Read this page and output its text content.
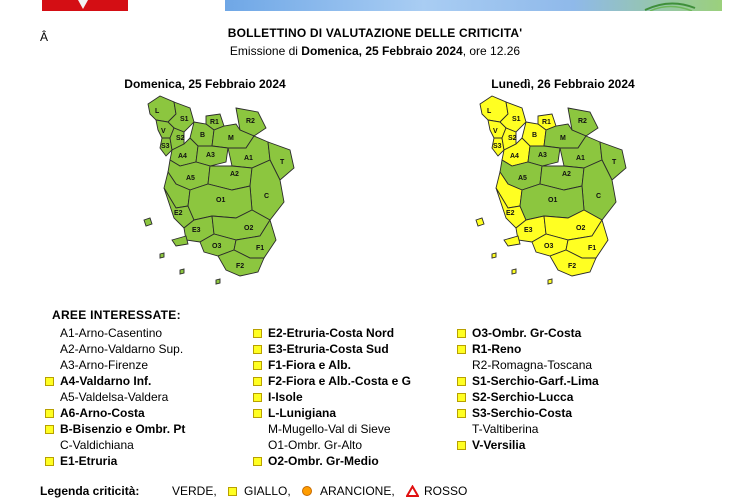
Â	BOLLETTINO DI VALUTAZIONE DELLE CRITICITA'
Emissione di Domenica, 25 Febbraio 2024, ore 12.26
Domenica, 25 Febbraio 2024	Lunedì, 26 Febbraio 2024
S1	R2
S2 B
R1
S3
A3
C
A4	A1
A5
A2
V
E2
O1
E3	O2
F1
O3
F2
L
T
M
S1	R2
S2 B
R1
S3
A3
C
A4	A1
A5
A2
V
E2
O1
E3	O2
F1
O3
F2
L
T
M
AREE INTERESSATE:
A1-Arno-Casentino
A2-Arno-Valdarno Sup.
A3-Arno-Firenze
A4-Valdarno Inf.
A5-Valdelsa-Valdera
A6-Arno-Costa
B-Bisenzio e Ombr. Pt
C-Valdichiana
E1-Etruria
E2-Etruria-Costa Nord
E3-Etruria-Costa Sud
F1-Fiora e Alb.
F2-Fiora e Alb.-Costa e G
I-Isole
L-Lunigiana
M-Mugello-Val di Sieve
O1-Ombr. Gr-Alto
O2-Ombr. Gr-Medio
O3-Ombr. Gr-Costa
R1-Reno
R2-Romagna-Toscana
S1-Serchio-Garf.-Lima
S2-Serchio-Lucca
S3-Serchio-Costa
T-Valtiberina
V-Versilia
Legenda criticità:	VERDE, GIALLO, ARANCIONE, ROSSO
